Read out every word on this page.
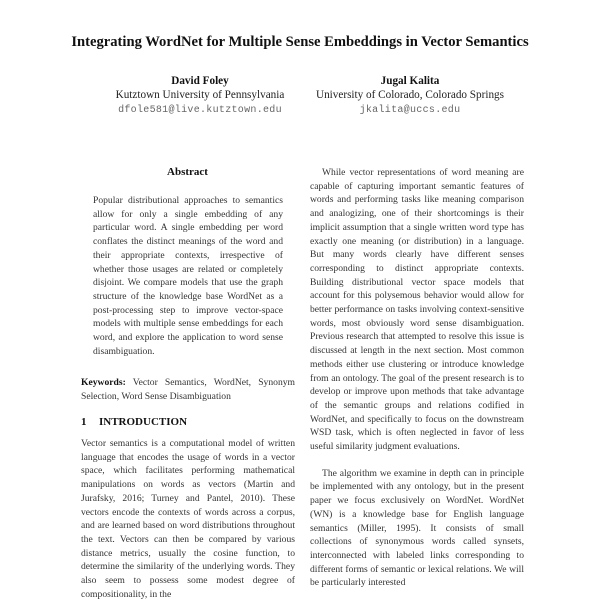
Integrating WordNet for Multiple Sense Embeddings in Vector Semantics
David Foley
Kutztown University of Pennsylvania
dfole581@live.kutztown.edu
Jugal Kalita
University of Colorado, Colorado Springs
jkalita@uccs.edu
Abstract
Popular distributional approaches to semantics allow for only a single embedding of any particular word. A single embedding per word conflates the distinct meanings of the word and their appropriate contexts, irrespective of whether those usages are related or completely disjoint. We compare models that use the graph structure of the knowledge base WordNet as a post-processing step to improve vector-space models with multiple sense embeddings for each word, and explore the application to word sense disambiguation.
Keywords: Vector Semantics, WordNet, Synonym Selection, Word Sense Disambiguation
1 INTRODUCTION
Vector semantics is a computational model of written language that encodes the usage of words in a vector space, which facilitates performing mathematical manipulations on words as vectors (Martin and Jurafsky, 2016; Turney and Pantel, 2010). These vectors encode the contexts of words across a corpus, and are learned based on word distributions throughout the text. Vectors can then be compared by various distance metrics, usually the cosine function, to determine the similarity of the underlying words. They also seem to possess some modest degree of compositionality, in the

While vector representations of word meaning are capable of capturing important semantic features of words and performing tasks like meaning comparison and analogizing, one of their shortcomings is their implicit assumption that a single written word type has exactly one meaning (or distribution) in a language. But many words clearly have different senses corresponding to distinct appropriate contexts. Building distributional vector space models that account for this polysemous behavior would allow for better performance on tasks involving context-sensitive words, most obviously word sense disambiguation. Previous research that attempted to resolve this issue is discussed at length in the next section. Most common methods either use clustering or introduce knowledge from an ontology. The goal of the present research is to develop or improve upon methods that take advantage of the semantic groups and relations codified in WordNet, and specifically to focus on the downstream WSD task, which is often neglected in favor of less useful similarity judgment evaluations.

The algorithm we examine in depth can in principle be implemented with any ontology, but in the present paper we focus exclusively on WordNet. WordNet (WN) is a knowledge base for English language semantics (Miller, 1995). It consists of small collections of synonymous words called synsets, interconnected with labeled links corresponding to different forms of semantic or lexical relations. We will be particularly interested
